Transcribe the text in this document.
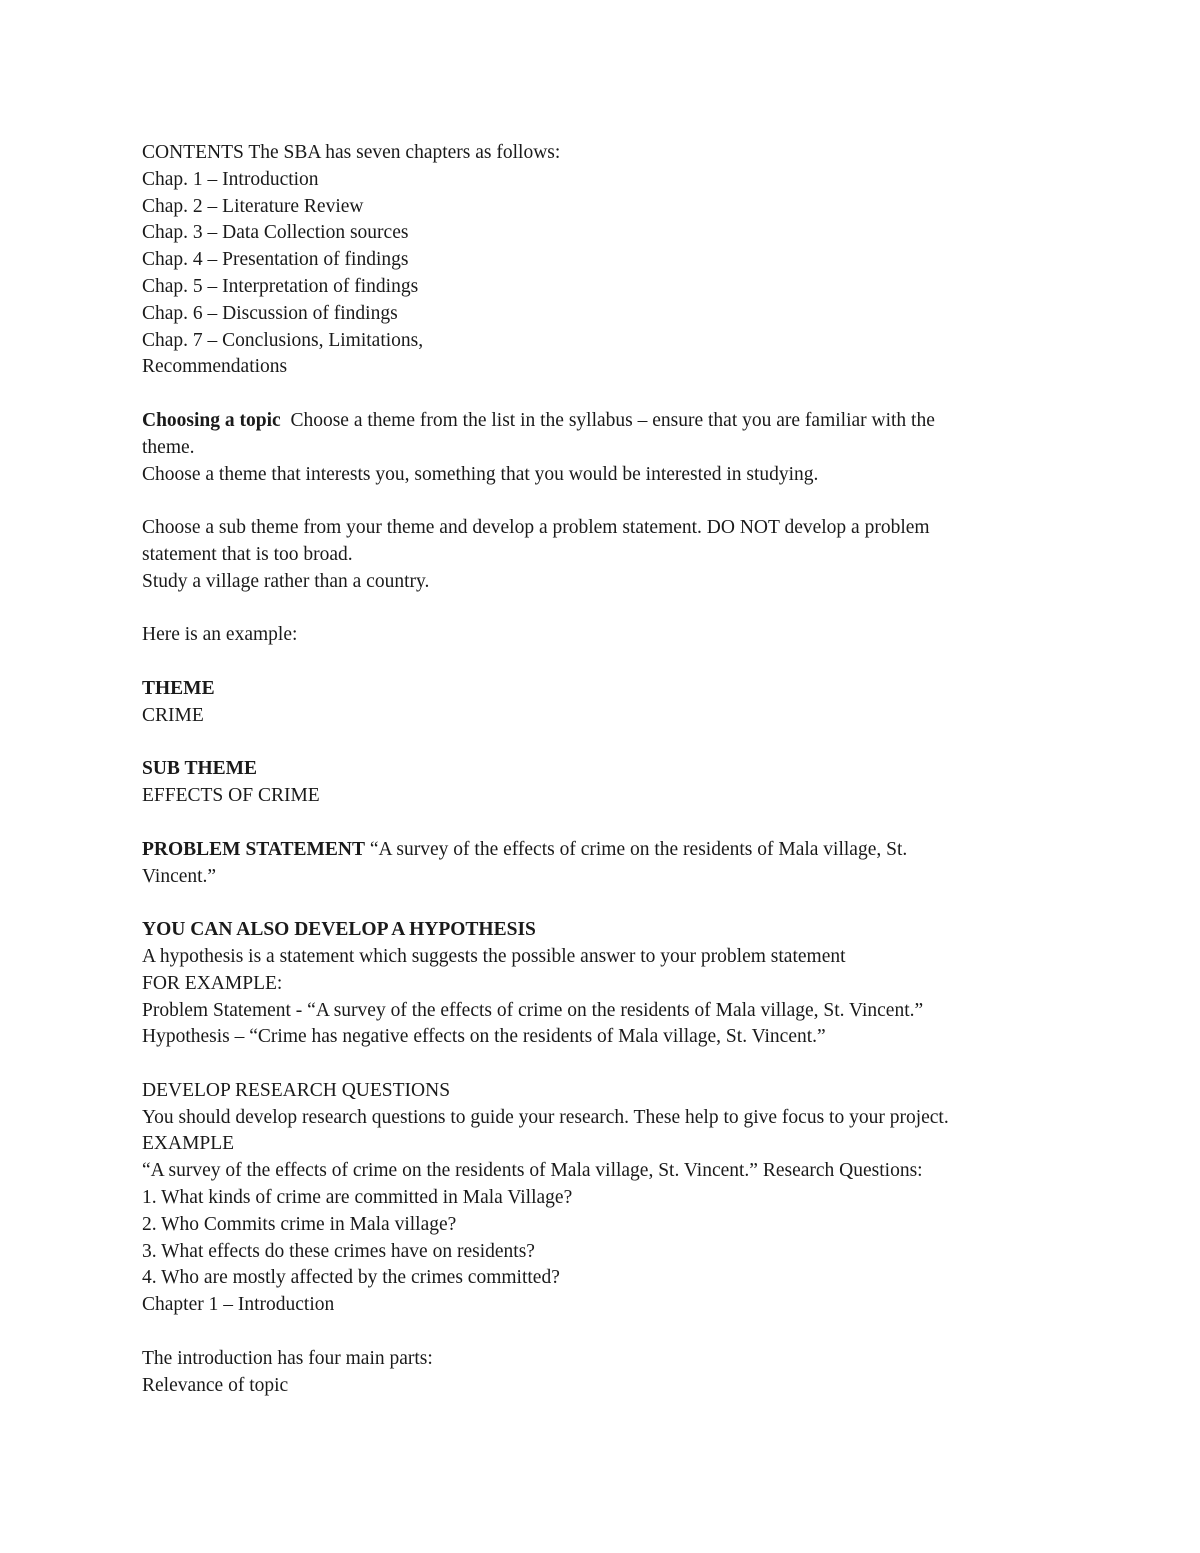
CONTENTS The SBA has seven chapters as follows:
Chap. 1 – Introduction
Chap. 2 – Literature Review
Chap. 3 – Data Collection sources
Chap. 4 – Presentation of findings
Chap. 5 – Interpretation of findings
Chap. 6 – Discussion of findings
Chap. 7 – Conclusions, Limitations,
Recommendations
Choosing a topic Choose a theme from the list in the syllabus – ensure that you are familiar with the
theme.
Choose a theme that interests you, something that you would be interested in studying.
Choose a sub theme from your theme and develop a problem statement. DO NOT develop a problem
statement that is too broad.
Study a village rather than a country.
Here is an example:
THEME
CRIME
SUB THEME
EFFECTS OF CRIME
PROBLEM STATEMENT “A survey of the effects of crime on the residents of Mala village, St.
Vincent.”
YOU CAN ALSO DEVELOP A HYPOTHESIS
A hypothesis is a statement which suggests the possible answer to your problem statement
FOR EXAMPLE:
Problem Statement - “A survey of the effects of crime on the residents of Mala village, St. Vincent.”
Hypothesis – “Crime has negative effects on the residents of Mala village, St. Vincent.”
DEVELOP RESEARCH QUESTIONS
You should develop research questions to guide your research. These help to give focus to your project.
EXAMPLE
“A survey of the effects of crime on the residents of Mala village, St. Vincent.” Research Questions:
1. What kinds of crime are committed in Mala Village?
2. Who Commits crime in Mala village?
3. What effects do these crimes have on residents?
4. Who are mostly affected by the crimes committed?
Chapter 1 – Introduction
The introduction has four main parts:
Relevance of topic
